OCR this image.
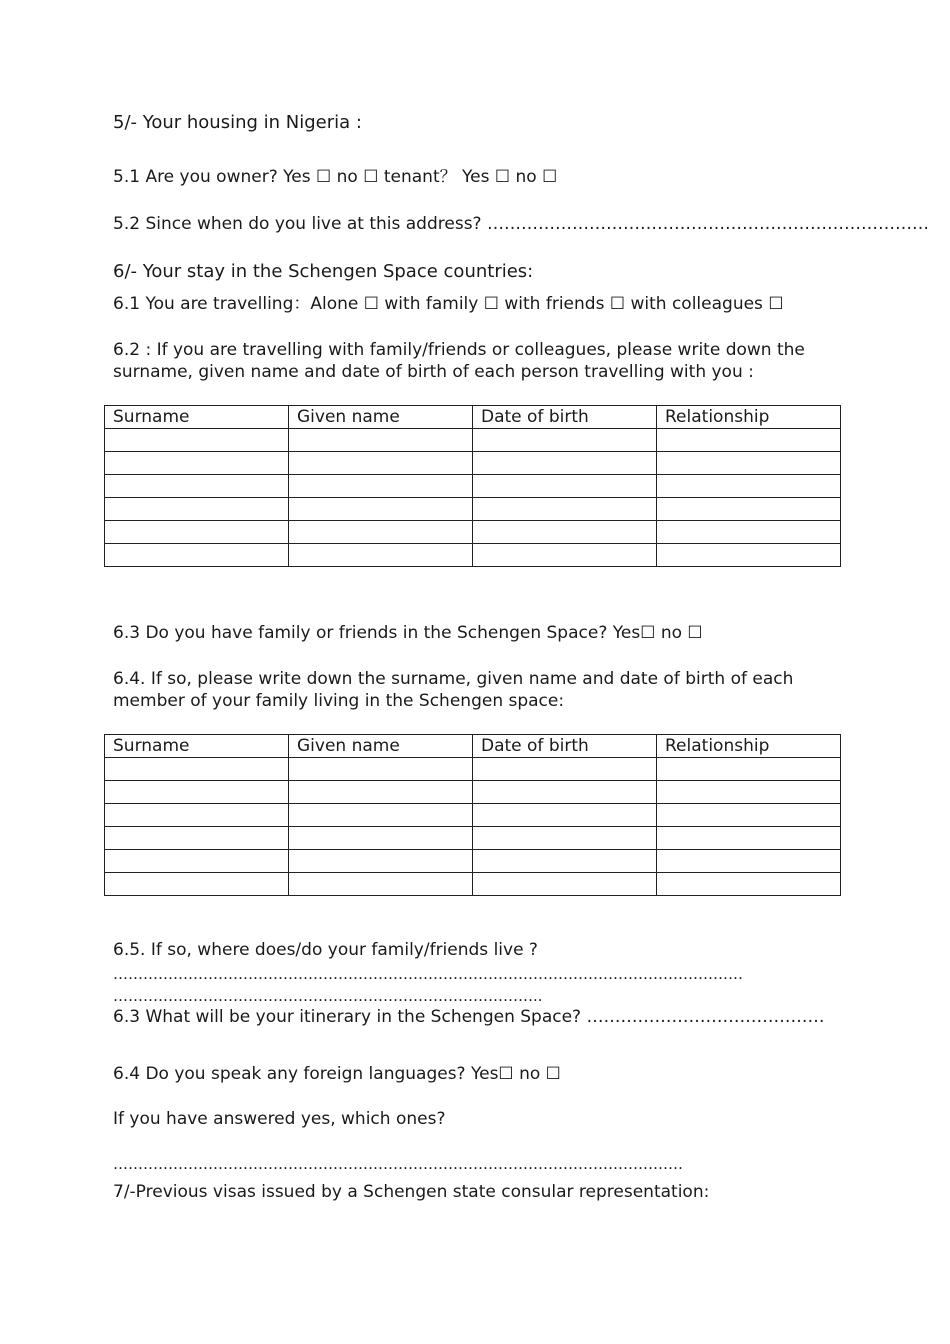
5/- Your housing in Nigeria :
5.1 Are you owner? Yes ☐ no ☐ tenant？ Yes ☐ no ☐
5.2 Since when do you live at this address? ……………………………………………………………………
6/- Your stay in the Schengen Space countries:
6.1 You are travelling：Alone ☐ with family ☐ with friends ☐ with colleagues ☐
6.2 : If you are travelling with family/friends or colleagues, please write down the surname, given name and date of birth of each person travelling with you :
Surname	Given name	Date of birth	Relationship

6.3 Do you have family or friends in the Schengen Space? Yes☐ no ☐
6.4. If so, please write down the surname, given name and date of birth of each member of your family living in the Schengen space:
Surname	Given name	Date of birth	Relationship

6.5. If so, where does/do your family/friends live ?
………………………………………………………………………………………………………………
…………………………………………………………………………..
6.3 What will be your itinerary in the Schengen Space? ……………………………………
6.4 Do you speak any foreign languages? Yes☐ no ☐
If you have answered yes, which ones?
……………………………………………………………………………………………………
7/-Previous visas issued by a Schengen state consular representation:
